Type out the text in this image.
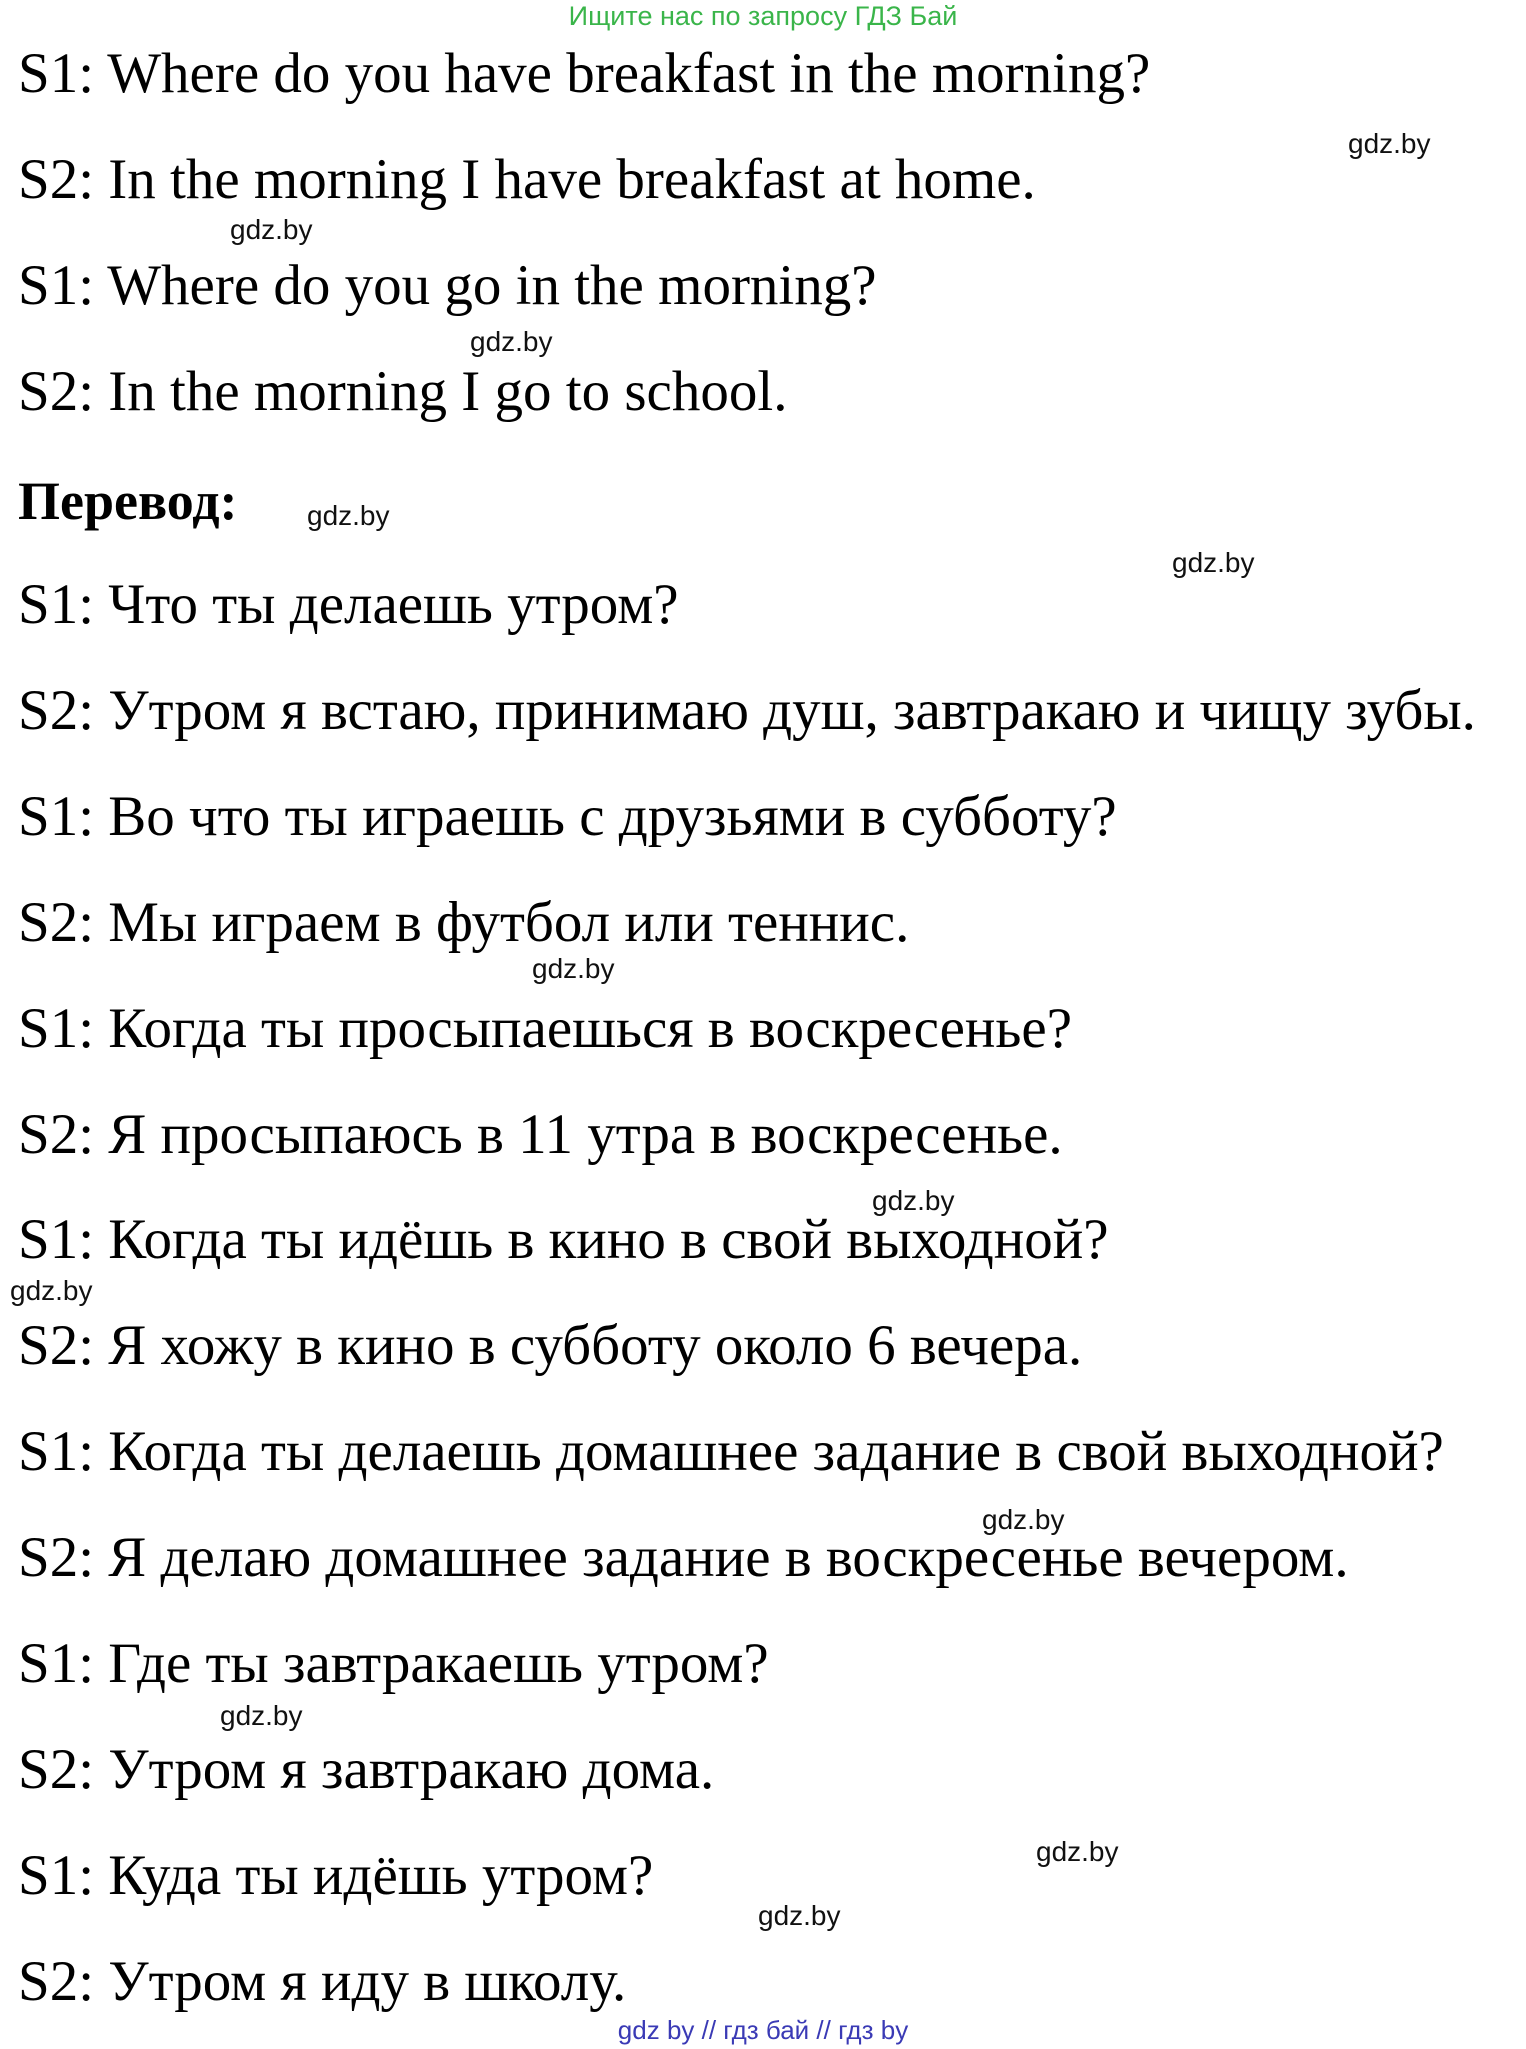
Ищите нас по запросу ГДЗ Бай
S1: Where do you have breakfast in the morning?
S2: In the morning I have breakfast at home.
S1: Where do you go in the morning?
S2: In the morning I go to school.
Перевод:
S1: Что ты делаешь утром?
S2: Утром я встаю, принимаю душ, завтракаю и чищу зубы.
S1: Во что ты играешь с друзьями в субботу?
S2: Мы играем в футбол или теннис.
S1: Когда ты просыпаешься в воскресенье?
S2: Я просыпаюсь в 11 утра в воскресенье.
S1: Когда ты идёшь в кино в свой выходной?
S2: Я хожу в кино в субботу около 6 вечера.
S1: Когда ты делаешь домашнее задание в свой выходной?
S2: Я делаю домашнее задание в воскресенье вечером.
S1: Где ты завтракаешь утром?
S2: Утром я завтракаю дома.
S1: Куда ты идёшь утром?
S2: Утром я иду в школу.
gdz.by
gdz.by
gdz.by
gdz.by
gdz.by
gdz.by
gdz.by
gdz.by
gdz.by
gdz.by
gdz.by
gdz.by
gdz by // гдз бай // гдз by
